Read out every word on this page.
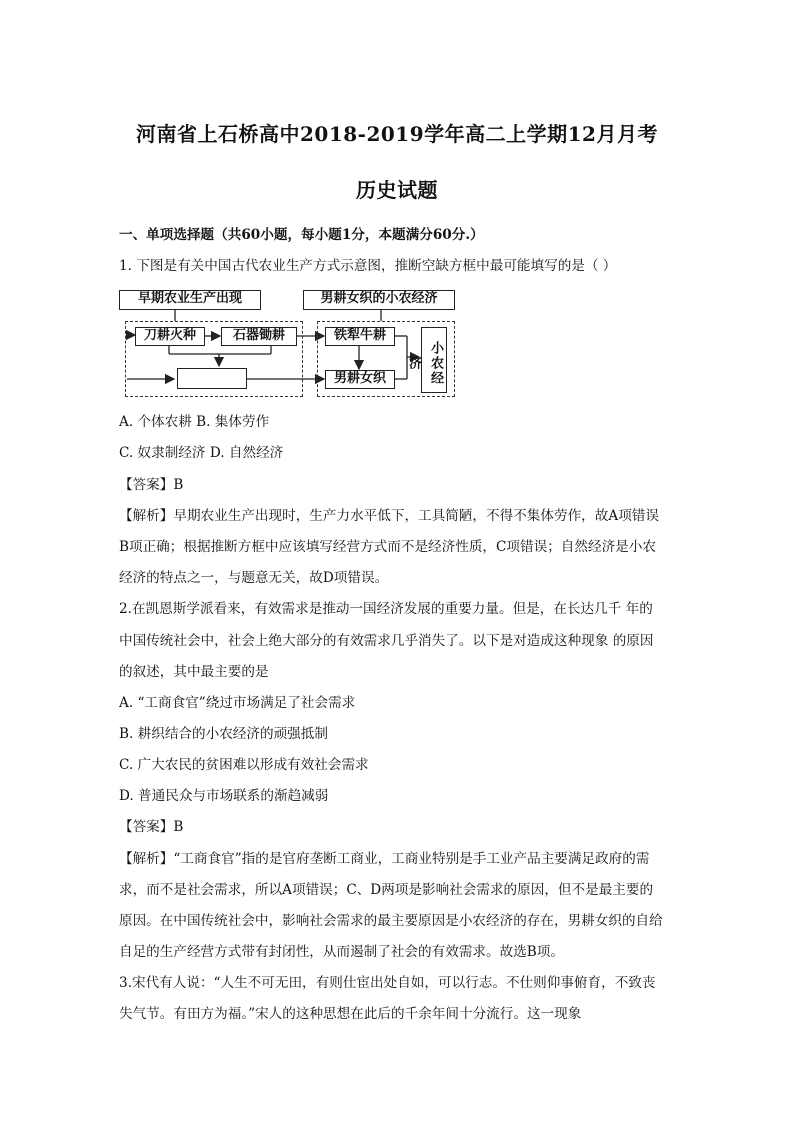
河南省上石桥高中2018-2019学年高二上学期12月月考
历史试题
一、单项选择题（共60小题，每小题1分，本题满分60分.）
1. 下图是有关中国古代农业生产方式示意图，推断空缺方框中最可能填写的是（ ）
早期农业生产出现	男耕女织的小农经济
刀耕火种	石器锄耕	铁犁牛耕
男耕女织	小农经济
A. 个体农耕 B. 集体劳作
C. 奴隶制经济 D. 自然经济
【答案】B
【解析】早期农业生产出现时，生产力水平低下，工具简陋，不得不集体劳作，故A项错误
B项正确；根据推断方框中应该填写经营方式而不是经济性质，C项错误；自然经济是小农
经济的特点之一，与题意无关，故D项错误。
2.在凯恩斯学派看来，有效需求是推动一国经济发展的重要力量。但是，在长达几千 年的
中国传统社会中，社会上绝大部分的有效需求几乎消失了。以下是对造成这种现象 的原因
的叙述，其中最主要的是
A. “工商食官”绕过市场满足了社会需求
B. 耕织结合的小农经济的顽强抵制
C. 广大农民的贫困难以形成有效社会需求
D. 普通民众与市场联系的渐趋减弱
【答案】B
【解析】“工商食官”指的是官府垄断工商业，工商业特别是手工业产品主要满足政府的需
求，而不是社会需求，所以A项错误；C、D两项是影响社会需求的原因，但不是最主要的
原因。在中国传统社会中，影响社会需求的最主要原因是小农经济的存在，男耕女织的自给
自足的生产经营方式带有封闭性，从而遏制了社会的有效需求。故选B项。
3.宋代有人说：“人生不可无田，有则仕宦出处自如，可以行志。不仕则仰事俯育，不致丧
失气节。有田方为福。”宋人的这种思想在此后的千余年间十分流行。这一现象
